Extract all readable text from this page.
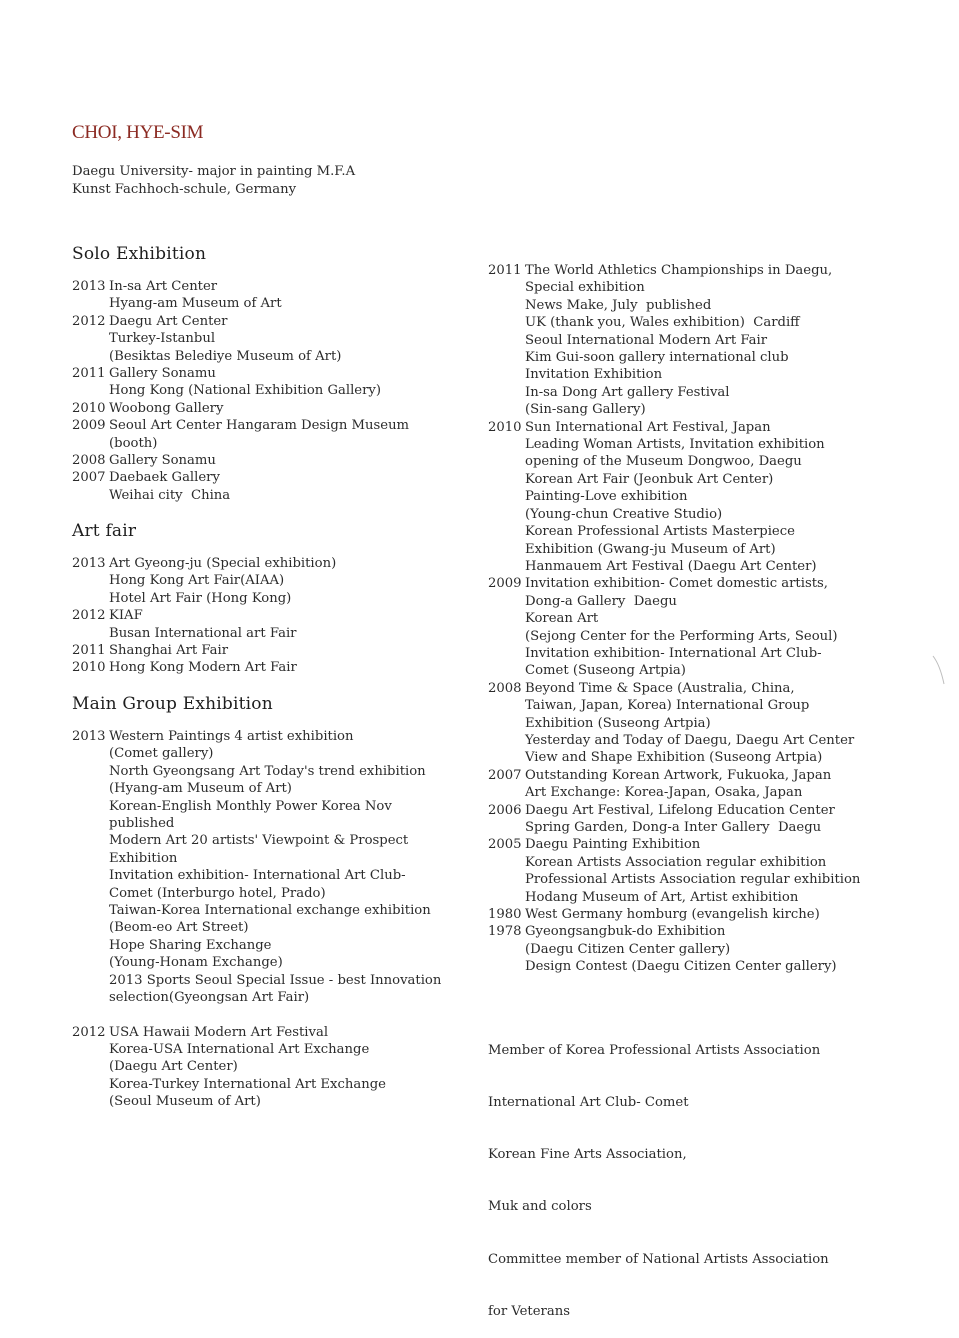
CHOI, HYE-SIM
Daegu University- major in painting M.F.A
Kunst Fachhoch-schule, Germany
Solo Exhibition
2013 In-sa Art Center
Hyang-am Museum of Art
2012 Daegu Art Center
Turkey-Istanbul
(Besiktas Belediye Museum of Art)
2011 Gallery Sonamu
Hong Kong (National Exhibition Gallery)
2010 Woobong Gallery
2009 Seoul Art Center Hangaram Design Museum
(booth)
2008 Gallery Sonamu
2007 Daebaek Gallery
Weihai city  China
Art fair
2013 Art Gyeong-ju (Special exhibition)
Hong Kong Art Fair(AIAA)
Hotel Art Fair (Hong Kong)
2012 KIAF
Busan International art Fair
2011 Shanghai Art Fair
2010 Hong Kong Modern Art Fair
Main Group Exhibition
2013 Western Paintings 4 artist exhibition
(Comet gallery)
North Gyeongsang Art Today's trend exhibition
(Hyang-am Museum of Art)
Korean-English Monthly Power Korea Nov
published
Modern Art 20 artists' Viewpoint & Prospect
Exhibition
Invitation exhibition- International Art Club-
Comet (Interburgo hotel, Prado)
Taiwan-Korea International exchange exhibition
(Beom-eo Art Street)
Hope Sharing Exchange
(Young-Honam Exchange)
2013 Sports Seoul Special Issue - best Innovation
selection(Gyeongsan Art Fair)
2012 USA Hawaii Modern Art Festival
Korea-USA International Art Exchange
(Daegu Art Center)
Korea-Turkey International Art Exchange
(Seoul Museum of Art)
2011 The World Athletics Championships in Daegu,
Special exhibition
News Make, July  published
UK (thank you, Wales exhibition)  Cardiff
Seoul International Modern Art Fair
Kim Gui-soon gallery international club
Invitation Exhibition
In-sa Dong Art gallery Festival
(Sin-sang Gallery)
2010 Sun International Art Festival, Japan
Leading Woman Artists, Invitation exhibition
opening of the Museum Dongwoo, Daegu
Korean Art Fair (Jeonbuk Art Center)
Painting-Love exhibition
(Young-chun Creative Studio)
Korean Professional Artists Masterpiece
Exhibition (Gwang-ju Museum of Art)
Hanmauem Art Festival (Daegu Art Center)
2009 Invitation exhibition- Comet domestic artists,
Dong-a Gallery  Daegu
Korean Art
(Sejong Center for the Performing Arts, Seoul)
Invitation exhibition- International Art Club-
Comet (Suseong Artpia)
2008 Beyond Time & Space (Australia, China,
Taiwan, Japan, Korea) International Group
Exhibition (Suseong Artpia)
Yesterday and Today of Daegu, Daegu Art Center
View and Shape Exhibition (Suseong Artpia)
2007 Outstanding Korean Artwork, Fukuoka, Japan
Art Exchange: Korea-Japan, Osaka, Japan
2006 Daegu Art Festival, Lifelong Education Center
Spring Garden, Dong-a Inter Gallery  Daegu
2005 Daegu Painting Exhibition
Korean Artists Association regular exhibition
Professional Artists Association regular exhibition
Hodang Museum of Art, Artist exhibition
1980 West Germany homburg (evangelish kirche)
1978 Gyeongsangbuk-do Exhibition
(Daegu Citizen Center gallery)
Design Contest (Daegu Citizen Center gallery)

Member of Korea Professional Artists Association

International Art Club- Comet

Korean Fine Arts Association,

Muk and colors

Committee member of National Artists Association

for Veterans
